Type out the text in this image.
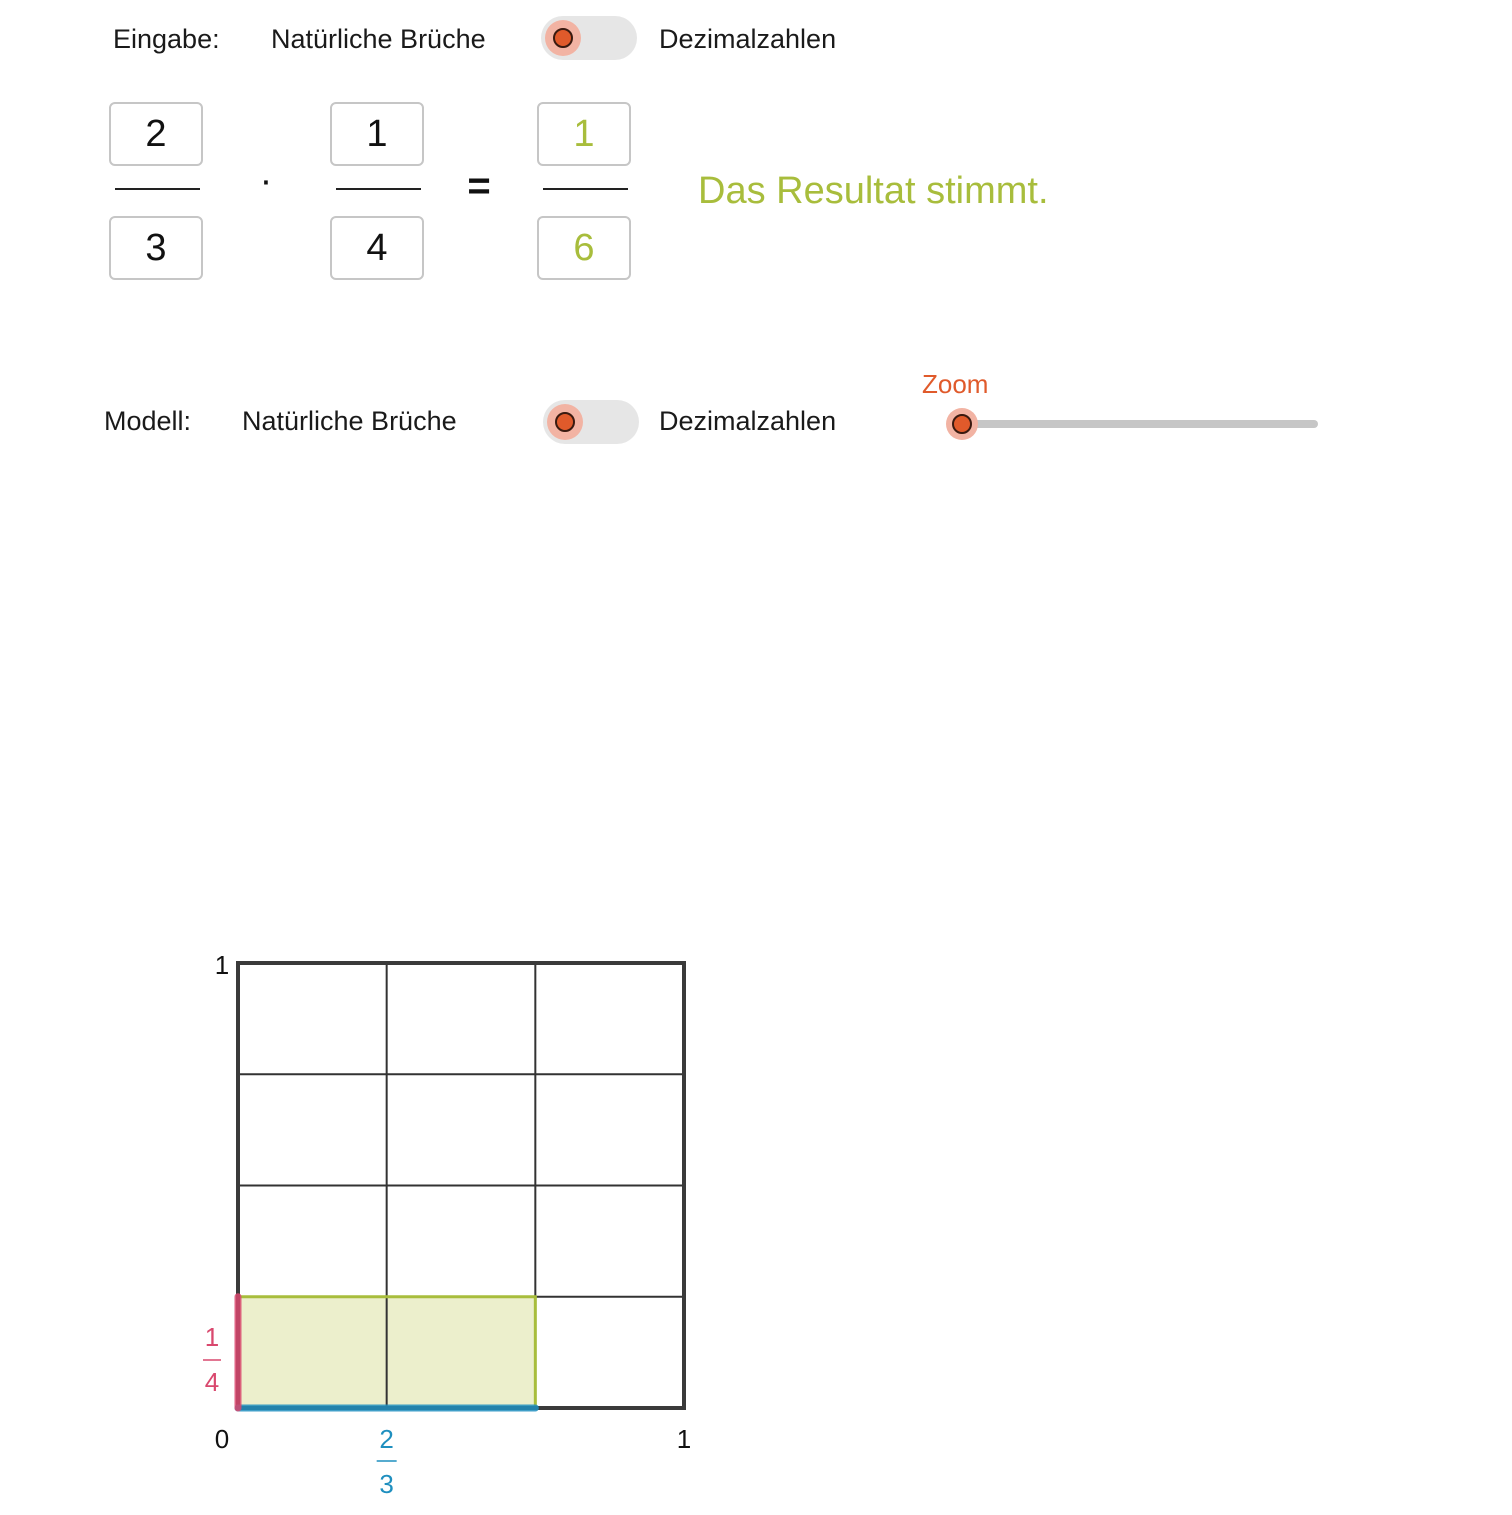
Eingabe: Natürliche Brüche	Dezimalzahlen
2
3
·
1
4
=
1
6
Das Resultat stimmt.
Modell: Natürliche Brüche	Dezimalzahlen
Zoom
1
0	1
2
3
1
4
